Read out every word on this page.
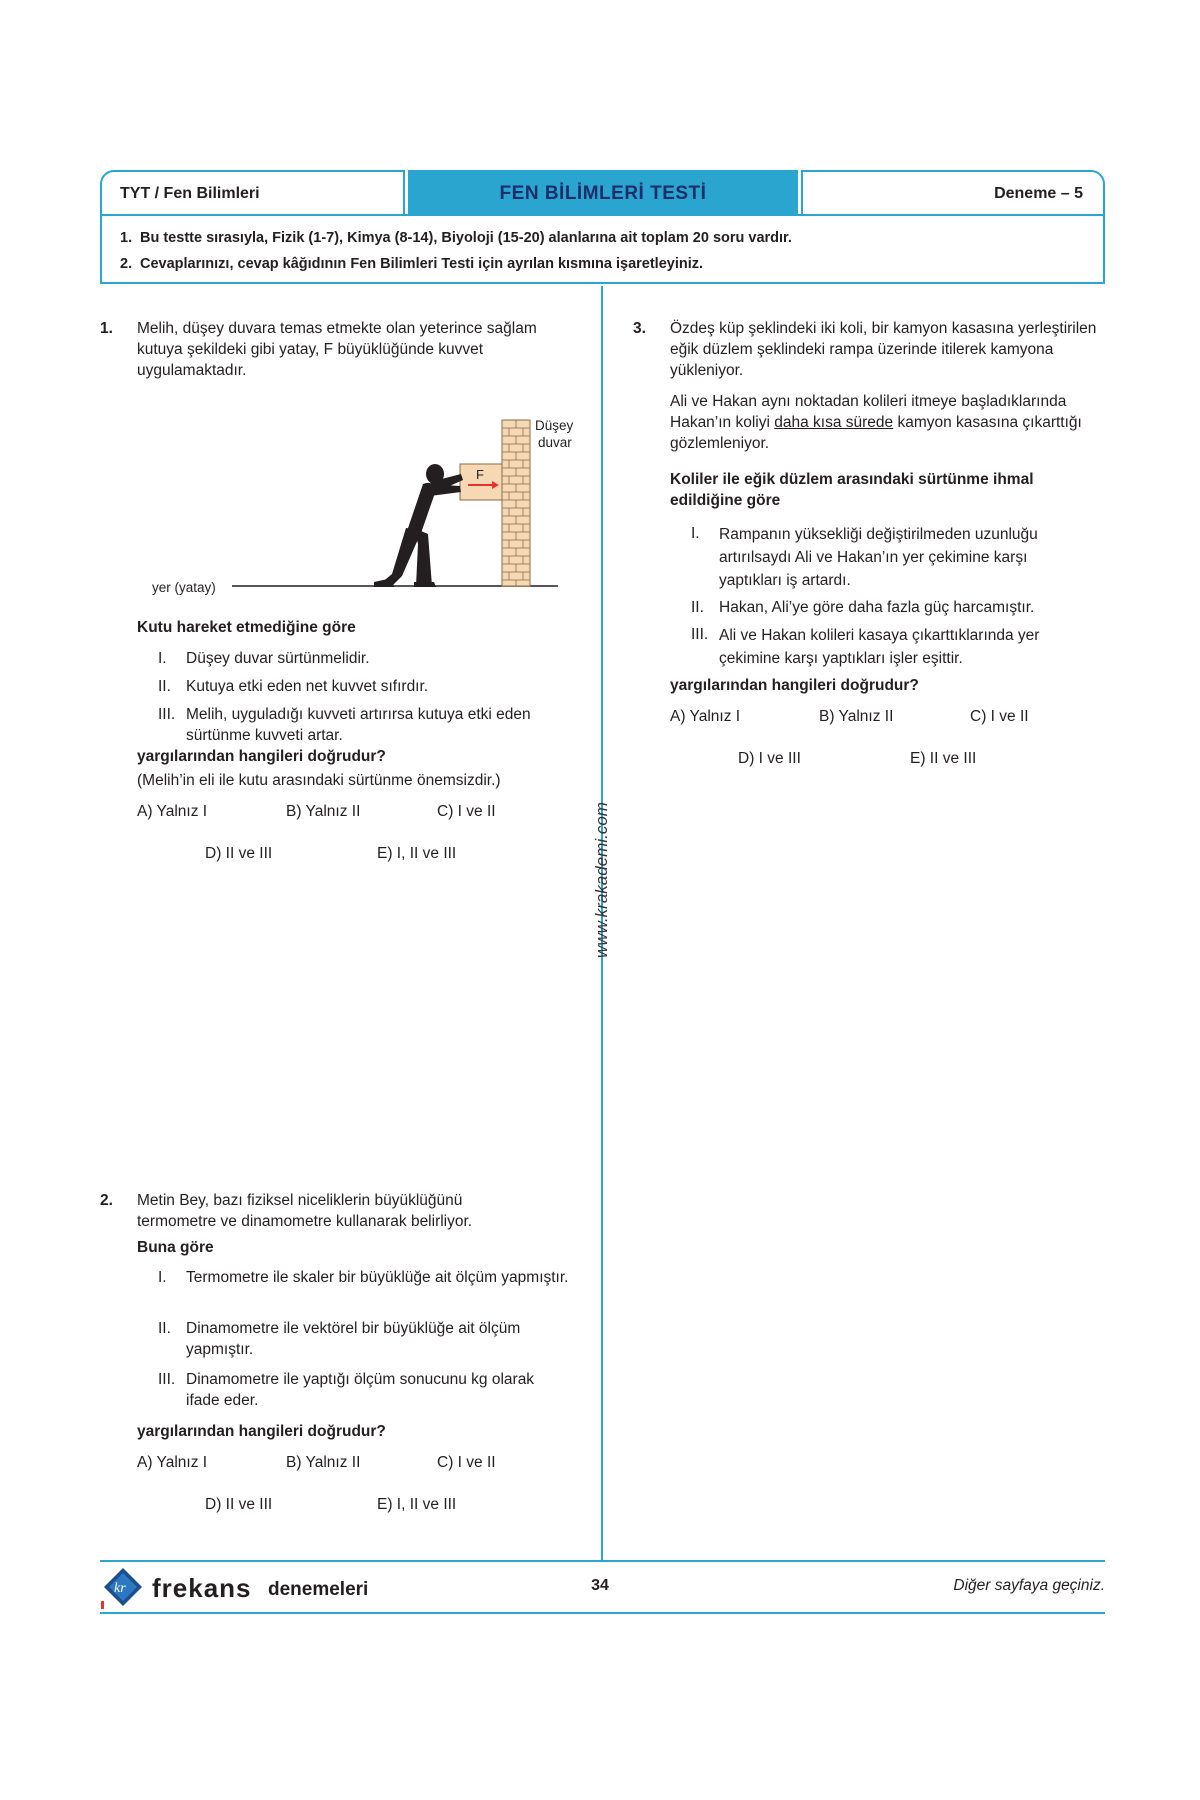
TYT / Fen Bilimleri	FEN BİLİMLERİ TESTİ	Deneme – 5
1. Bu testte sırasıyla, Fizik (1-7), Kimya (8-14), Biyoloji (15-20) alanlarına ait toplam 20 soru vardır.
2. Cevaplarınızı, cevap kâğıdının Fen Bilimleri Testi için ayrılan kısmına işaretleyiniz.
www.krakademi.com
1. Melih, düşey duvara temas etmekte olan yeterince sağlam kutuya şekildeki gibi yatay, F büyüklüğünde kuvvet uygulamaktadır.
F
Düşey
duvar
yer (yatay)
Kutu hareket etmediğine göre
I.	Düşey duvar sürtünmelidir.
II. Kutuya etki eden net kuvvet sıfırdır.
III. Melih, uyguladığı kuvveti artırırsa kutuya etki eden sürtünme kuvveti artar.
yargılarından hangileri doğrudur?
(Melih’in eli ile kutu arasındaki sürtünme önemsizdir.)
A) Yalnız I	B) Yalnız II	C) I ve II
D) II ve III	E) I, II ve III
2. Metin Bey, bazı fiziksel niceliklerin büyüklüğünü termometre ve dinamometre kullanarak belirliyor.
Buna göre
I.	Termometre ile skaler bir büyüklüğe ait ölçüm yapmıştır.
II. Dinamometre ile vektörel bir büyüklüğe ait ölçüm yapmıştır.
III. Dinamometre ile yaptığı ölçüm sonucunu kg olarak ifade eder.
yargılarından hangileri doğrudur?
A) Yalnız I	B) Yalnız II	C) I ve II
D) II ve III	E) I, II ve III
3. Özdeş küp şeklindeki iki koli, bir kamyon kasasına yerleştirilen eğik düzlem şeklindeki rampa üzerinde itilerek kamyona yükleniyor.
Ali ve Hakan aynı noktadan kolileri itmeye başladıklarında Hakan’ın koliyi daha kısa sürede kamyon kasasına çıkarttığı gözlemleniyor.
Koliler ile eğik düzlem arasındaki sürtünme ihmal edildiğine göre
I.	Rampanın yüksekliği değiştirilmeden uzunluğu artırılsaydı Ali ve Hakan’ın yer çekimine karşı yaptıkları iş artardı.
II. Hakan, Ali’ye göre daha fazla güç harcamıştır.
III. Ali ve Hakan kolileri kasaya çıkarttıklarında yer çekimine karşı yaptıkları işler eşittir.
yargılarından hangileri doğrudur?
A) Yalnız I	B) Yalnız II	C) I ve II
D) I ve III	E) II ve III
kr frekans denemeleri	34	Diğer sayfaya geçiniz.
